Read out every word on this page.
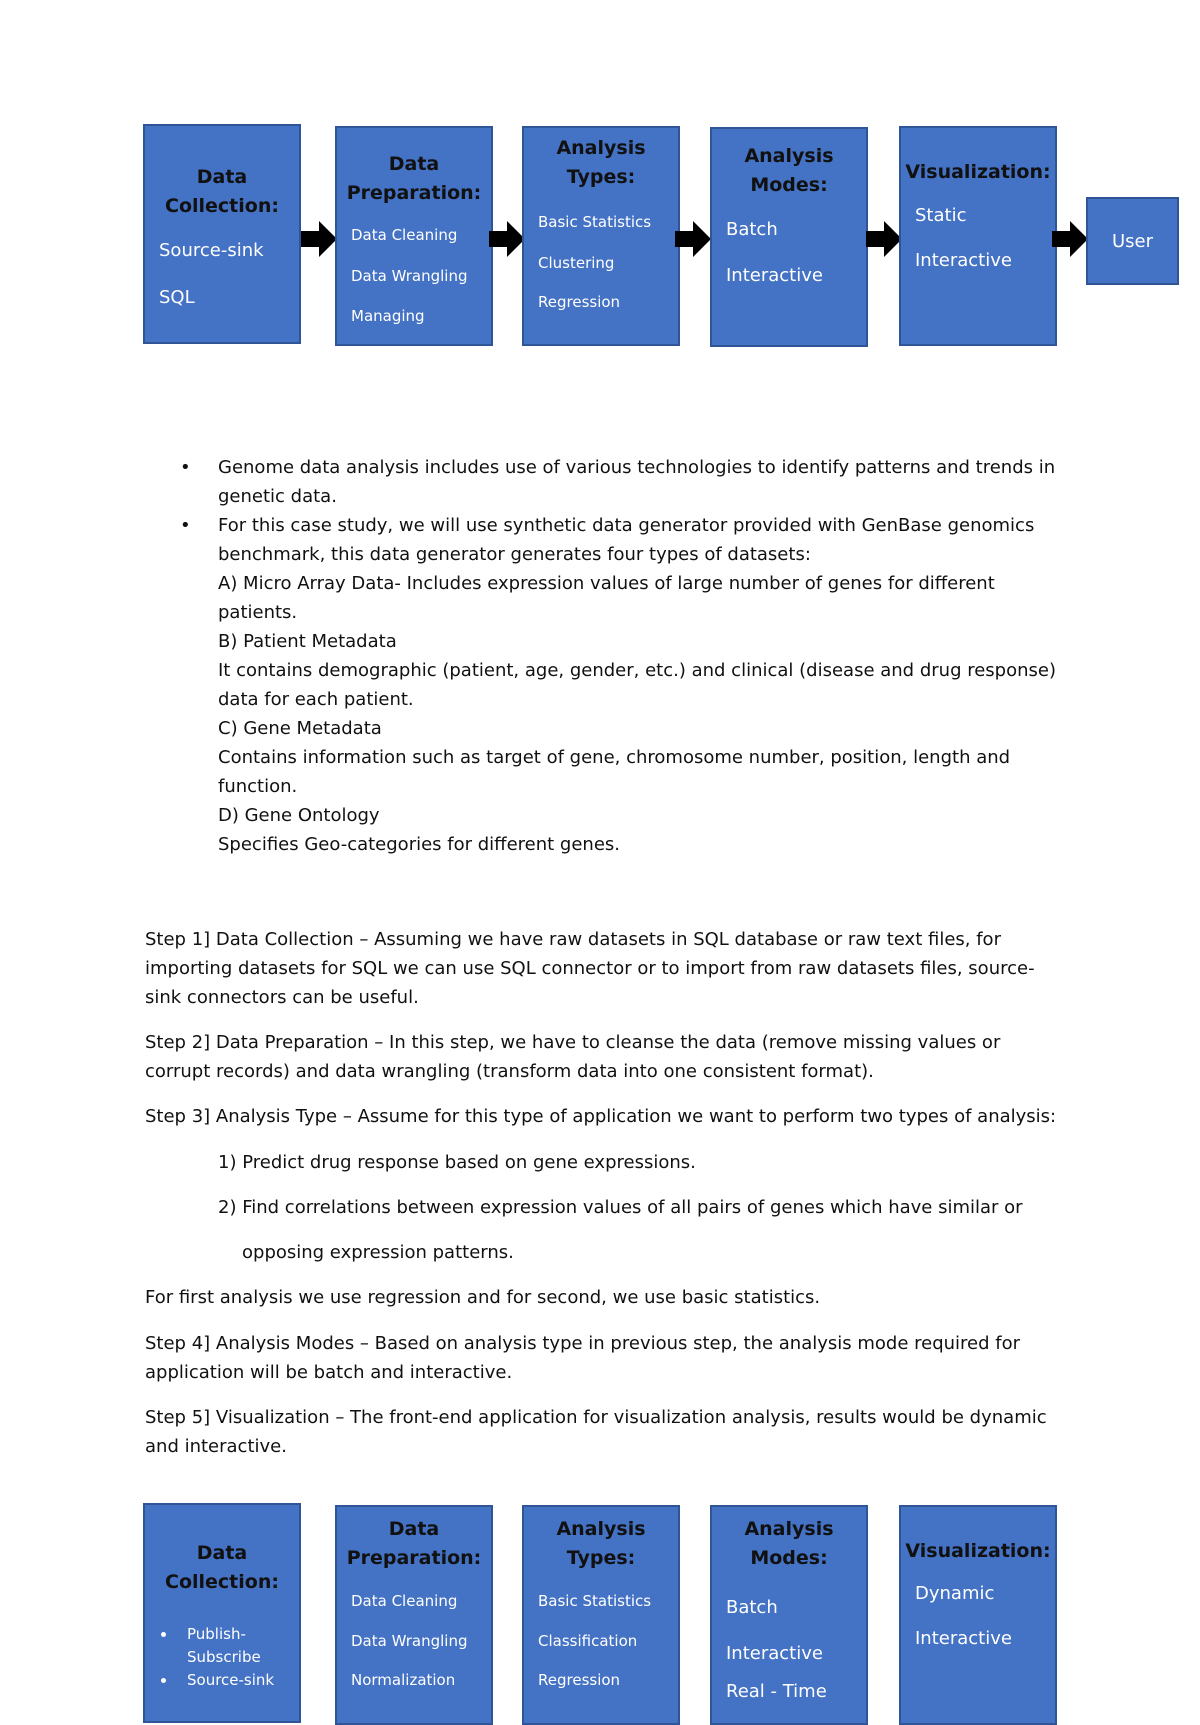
Data Collection:
Source-sink
SQL
Data Preparation:
Data Cleaning
Data Wrangling
Managing
Analysis Types:
Basic Statistics
Clustering
Regression
Analysis Modes:
Batch
Interactive
Visualization:
Static
Interactive
User
• Genome data analysis includes use of various technologies to identify patterns and trends in
genetic data.
• For this case study, we will use synthetic data generator provided with GenBase genomics
benchmark, this data generator generates four types of datasets:
A) Micro Array Data- Includes expression values of large number of genes for different
patients.
B) Patient Metadata
It contains demographic (patient, age, gender, etc.) and clinical (disease and drug response)
data for each patient.
C) Gene Metadata
Contains information such as target of gene, chromosome number, position, length and
function.
D) Gene Ontology
Specifies Geo-categories for different genes.
Step 1] Data Collection – Assuming we have raw datasets in SQL database or raw text files, for
importing datasets for SQL we can use SQL connector or to import from raw datasets files, source-
sink connectors can be useful.
Step 2] Data Preparation – In this step, we have to cleanse the data (remove missing values or
corrupt records) and data wrangling (transform data into one consistent format).
Step 3] Analysis Type – Assume for this type of application we want to perform two types of analysis:
1) Predict drug response based on gene expressions.
2) Find correlations between expression values of all pairs of genes which have similar or
opposing expression patterns.
For first analysis we use regression and for second, we use basic statistics.
Step 4] Analysis Modes – Based on analysis type in previous step, the analysis mode required for
application will be batch and interactive.
Step 5] Visualization – The front-end application for visualization analysis, results would be dynamic
and interactive.
Data Collection:
• Publish-Subscribe
• Source-sink
Data Preparation:
Data Cleaning
Data Wrangling
Normalization
Analysis Types:
Basic Statistics
Classification
Regression
Analysis Modes:
Batch
Interactive
Real - Time
Visualization:
Dynamic
Interactive
